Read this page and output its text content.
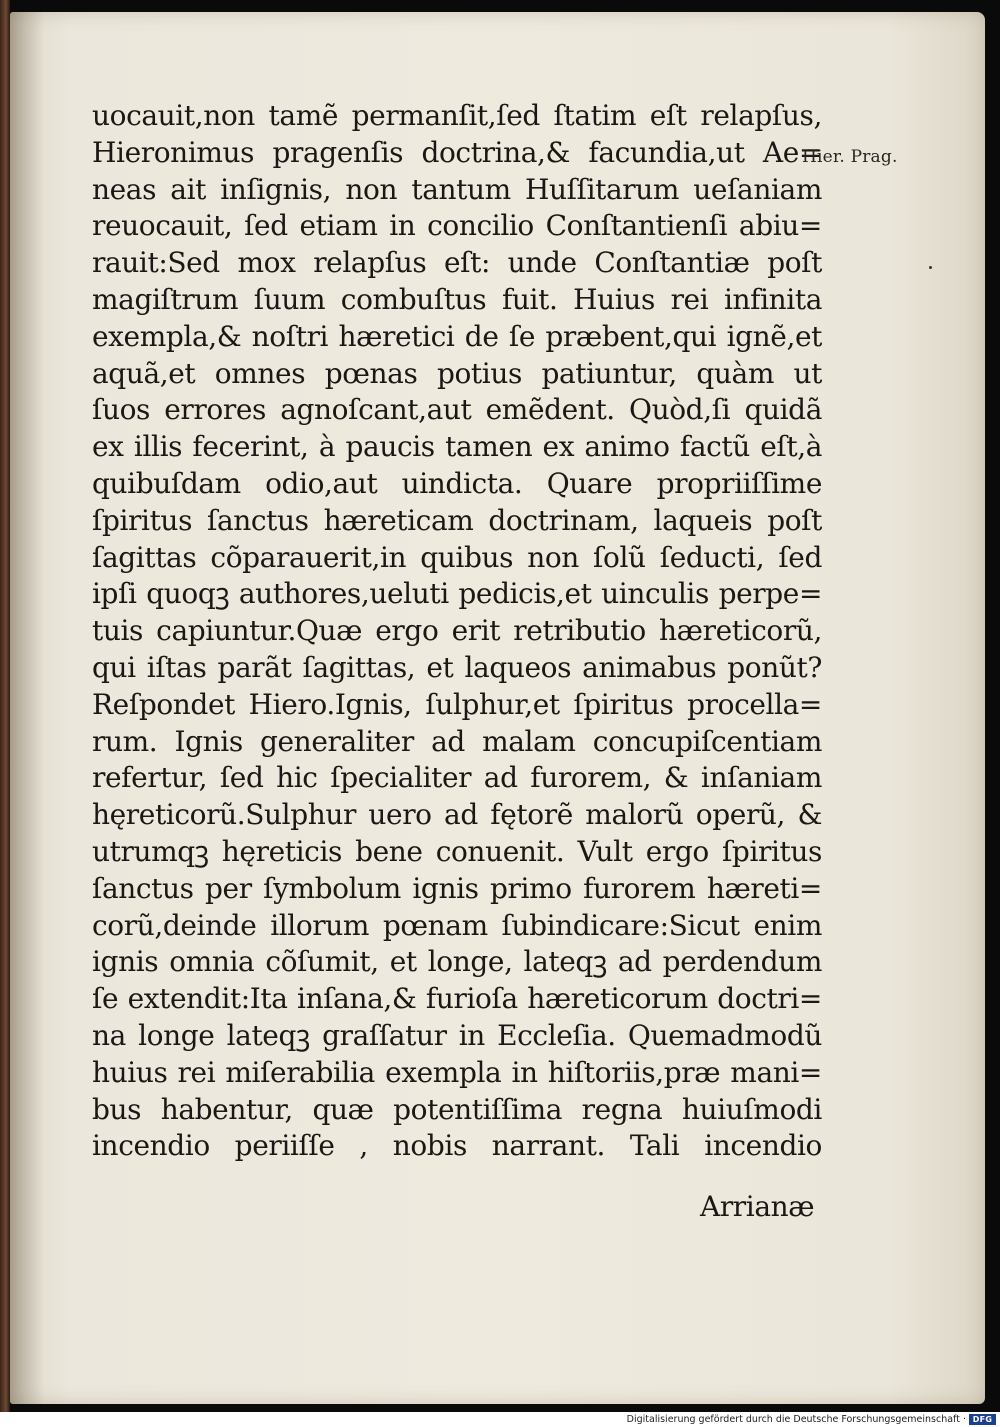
uocauit,non tamẽ permanſit,ſed ſtatim eſt relapſus,
Hieronimus pragenſis doctrina,& facundia,ut Ae=
neas ait inſignis, non tantum Huſſitarum ueſaniam
reuocauit, ſed etiam in concilio Conſtantienſi abiu=
rauit:Sed mox relapſus eſt: unde Conſtantiæ poſt
magiſtrum ſuum combuſtus fuit. Huius rei infinita
exempla,& noſtri hæretici de ſe præbent,qui ignẽ,et
aquã,et omnes pœnas potius patiuntur, quàm ut
ſuos errores agnoſcant,aut emẽdent. Quòd,ſi quidã
ex illis fecerint, à paucis tamen ex animo factũ eſt,à
quibuſdam odio,aut uindicta. Quare propriiſſime
ſpiritus ſanctus hæreticam doctrinam, laqueis poſt
ſagittas cõparauerit,in quibus non ſolũ ſeducti, ſed
ipſi quoqꝫ authores,ueluti pedicis,et uinculis perpe=
tuis capiuntur.Quæ ergo erit retributio hæreticorũ,
qui iſtas parãt ſagittas, et laqueos animabus ponũt?
Reſpondet Hiero.Ignis, ſulphur,et ſpiritus procella=
rum. Ignis generaliter ad malam concupiſcentiam
refertur, ſed hic ſpecialiter ad furorem, & inſaniam
hęreticorũ.Sulphur uero ad fętorẽ malorũ operũ, &
utrumqꝫ hęreticis bene conuenit. Vult ergo ſpiritus
ſanctus per ſymbolum ignis primo furorem hæreti=
corũ,deinde illorum pœnam ſubindicare:Sicut enim
ignis omnia cõſumit, et longe, lateqꝫ ad perdendum
ſe extendit:Ita inſana,& furioſa hæreticorum doctri=
na longe lateqꝫ graſſatur in Eccleſia. Quemadmodũ
huius rei miſerabilia exempla in hiſtoriis,præ mani=
bus habentur, quæ potentiſſima regna huiuſmodi
incendio periiſſe , nobis narrant. Tali incendio
Arrianæ
Hier. Prag.
Digitalisierung gefördert durch die Deutsche Forschungsgemeinschaft · DFG
